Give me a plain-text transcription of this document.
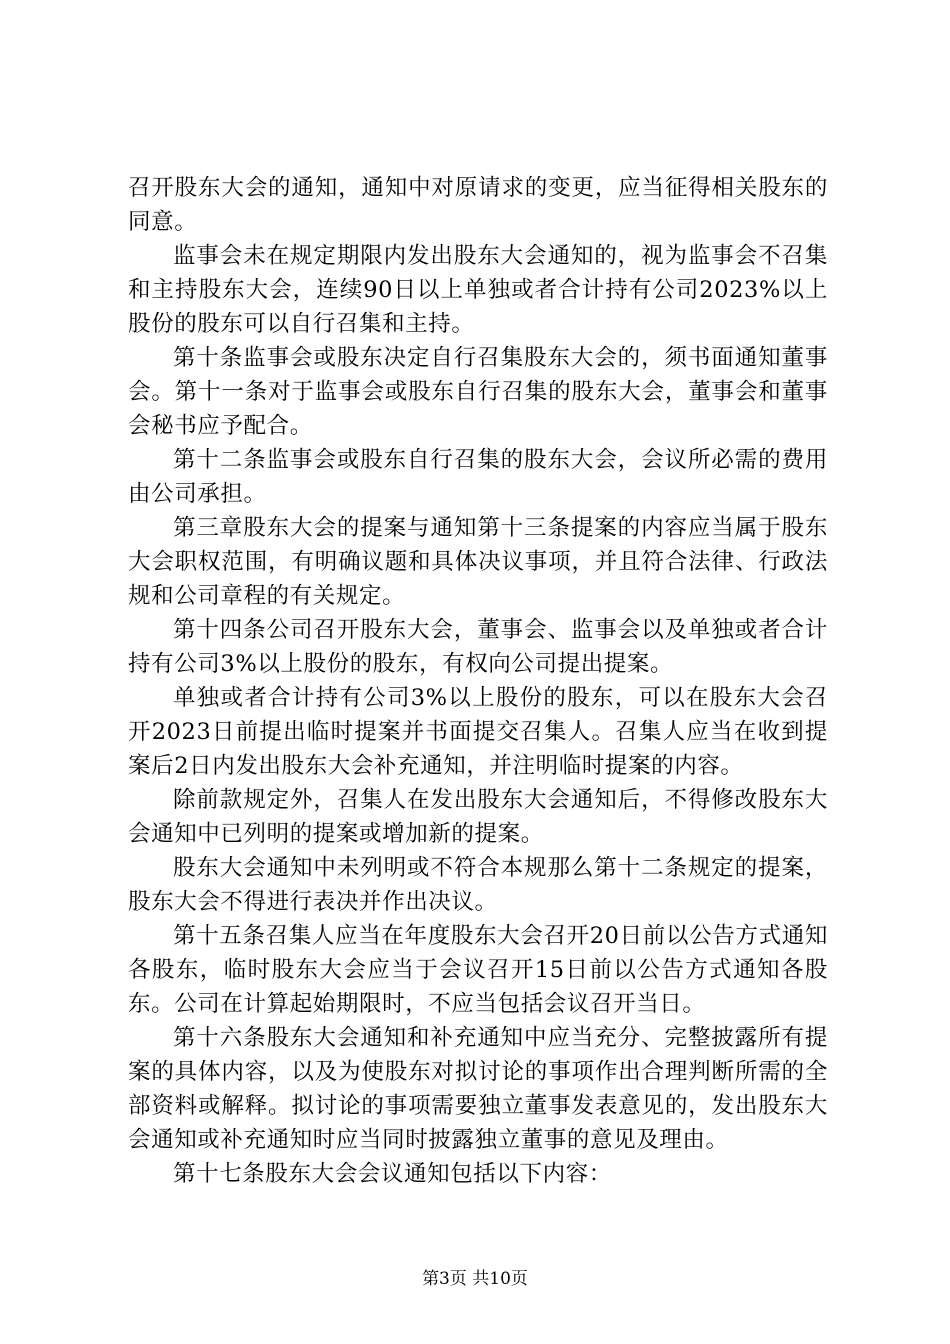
召开股东大会的通知，通知中对原请求的变更，应当征得相关股东的同意。

监事会未在规定期限内发出股东大会通知的，视为监事会不召集和主持股东大会，连续90日以上单独或者合计持有公司2023%以上股份的股东可以自行召集和主持。

第十条监事会或股东决定自行召集股东大会的，须书面通知董事会。第十一条对于监事会或股东自行召集的股东大会，董事会和董事会秘书应予配合。

第十二条监事会或股东自行召集的股东大会，会议所必需的费用由公司承担。

第三章股东大会的提案与通知第十三条提案的内容应当属于股东大会职权范围，有明确议题和具体决议事项，并且符合法律、行政法规和公司章程的有关规定。

第十四条公司召开股东大会，董事会、监事会以及单独或者合计持有公司3%以上股份的股东，有权向公司提出提案。

单独或者合计持有公司3%以上股份的股东，可以在股东大会召开2023日前提出临时提案并书面提交召集人。召集人应当在收到提案后2日内发出股东大会补充通知，并注明临时提案的内容。

除前款规定外，召集人在发出股东大会通知后，不得修改股东大会通知中已列明的提案或增加新的提案。

股东大会通知中未列明或不符合本规那么第十二条规定的提案，股东大会不得进行表决并作出决议。

第十五条召集人应当在年度股东大会召开20日前以公告方式通知各股东，临时股东大会应当于会议召开15日前以公告方式通知各股东。公司在计算起始期限时，不应当包括会议召开当日。

第十六条股东大会通知和补充通知中应当充分、完整披露所有提案的具体内容，以及为使股东对拟讨论的事项作出合理判断所需的全部资料或解释。拟讨论的事项需要独立董事发表意见的，发出股东大会通知或补充通知时应当同时披露独立董事的意见及理由。

第十七条股东大会会议通知包括以下内容：

第3页 共10页
